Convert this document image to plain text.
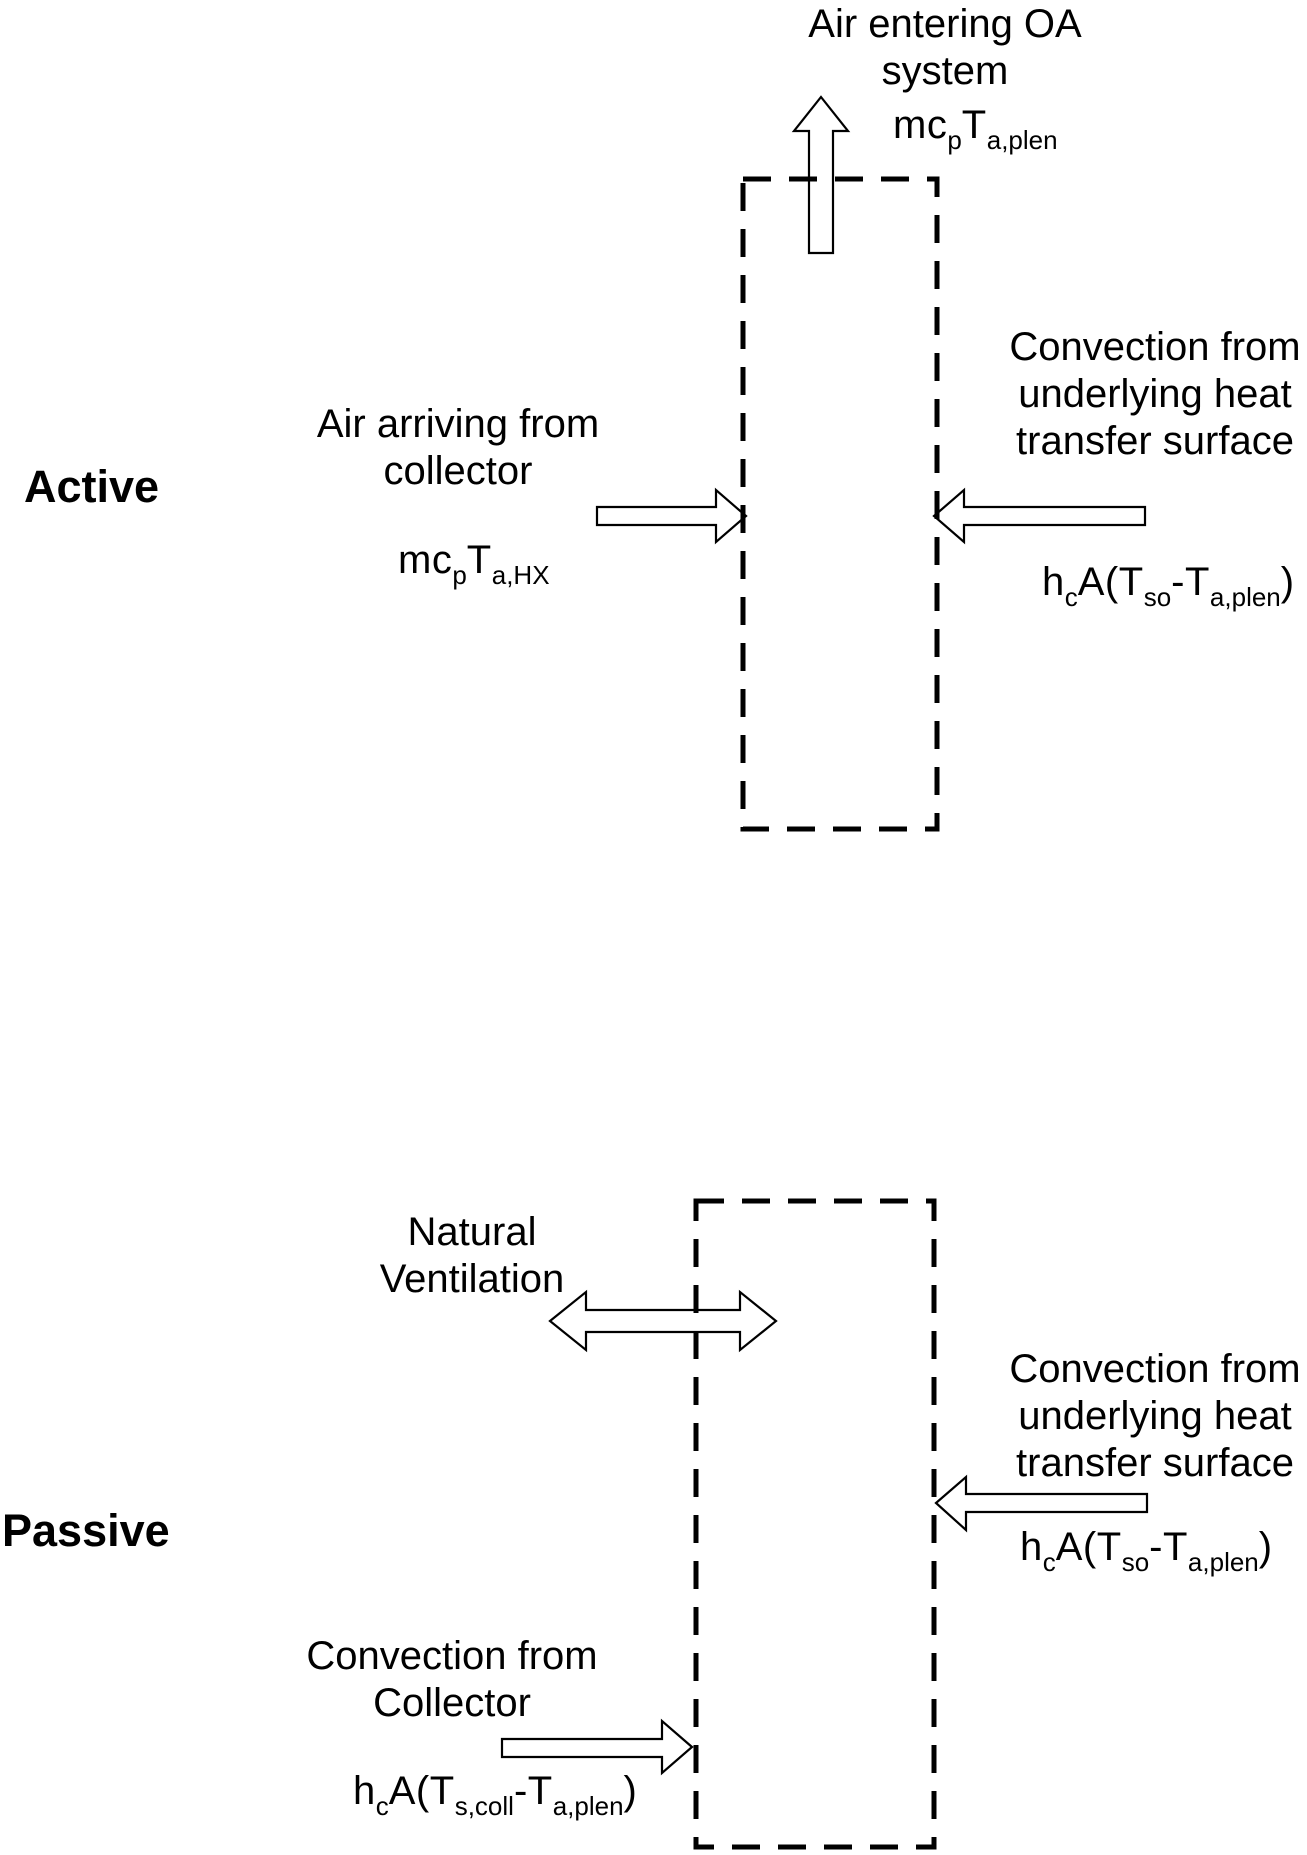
Active
Air entering OA
system
$mc_pT_{a,plen}$
Air arriving from
collector
$mc_pT_{a,HX}$
Convection from
underlying heat
transfer surface
$h_cA(T_{so}-T_{a,plen})$
Passive
Natural
Ventilation
Convection from
underlying heat
transfer surface
$h_cA(T_{so}-T_{a,plen})$
Convection from
Collector
$h_cA(T_{s,coll}-T_{a,plen})$
